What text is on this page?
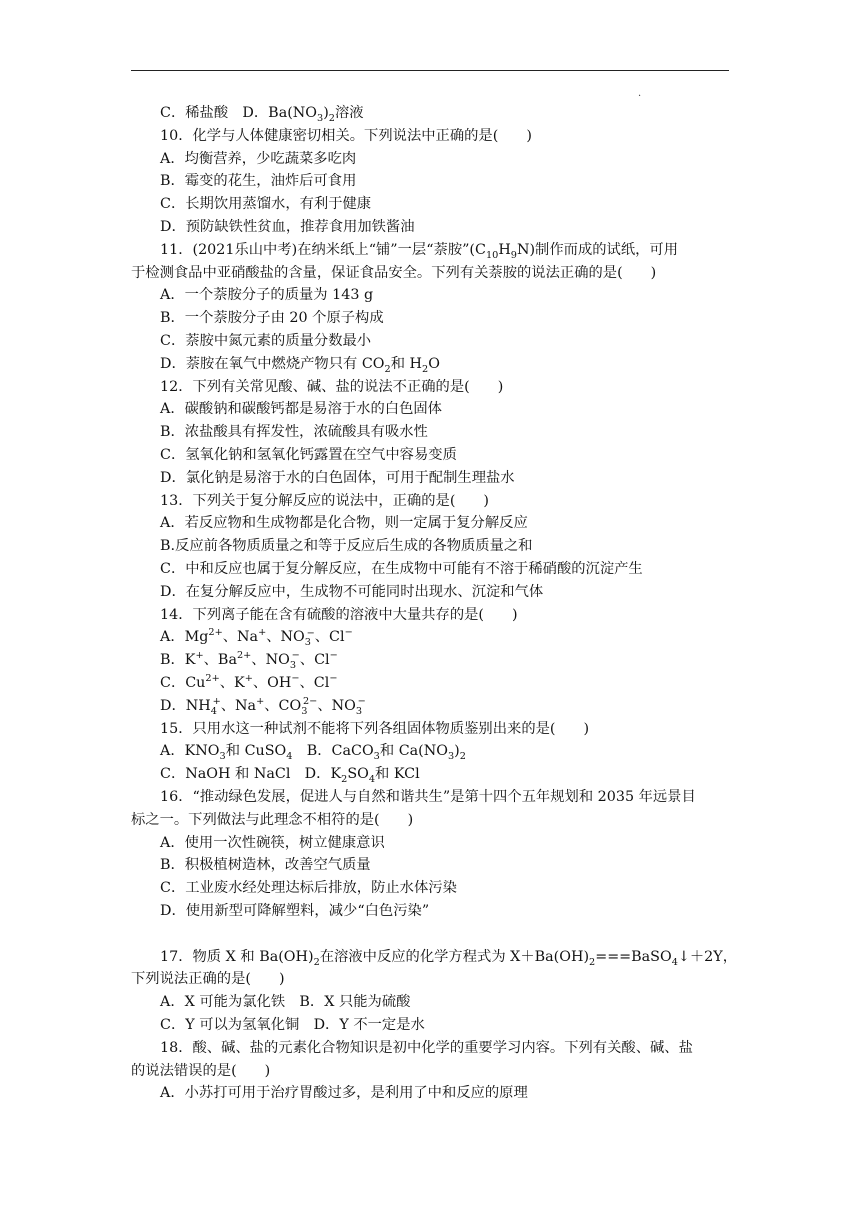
·
C．稀盐酸　D．$Ba(NO_3)_2$溶液
10．化学与人体健康密切相关。下列说法中正确的是( )
A．均衡营养，少吃蔬菜多吃肉
B．霉变的花生，油炸后可食用
C．长期饮用蒸馏水，有利于健康
D．预防缺铁性贫血，推荐食用加铁酱油
11．(2021乐山中考)在纳米纸上“铺”一层“萘胺$”(C_{10}H_9N)$制作而成的试纸，可用
于检测食品中亚硝酸盐的含量，保证食品安全。下列有关萘胺的说法正确的是( )
A．一个萘胺分子的质量为 143 g
B．一个萘胺分子由 20 个原子构成
C．萘胺中氮元素的质量分数最小
D．萘胺在氧气中燃烧产物只有 $CO_2$和 $H_2O$
12．下列有关常见酸、碱、盐的说法不正确的是( )
A．碳酸钠和碳酸钙都是易溶于水的白色固体
B．浓盐酸具有挥发性，浓硫酸具有吸水性
C．氢氧化钠和氢氧化钙露置在空气中容易变质
D．氯化钠是易溶于水的白色固体，可用于配制生理盐水
13．下列关于复分解反应的说法中，正确的是( )
A．若反应物和生成物都是化合物，则一定属于复分解反应
B.反应前各物质质量之和等于反应后生成的各物质质量之和
C．中和反应也属于复分解反应，在生成物中可能有不溶于稀硝酸的沉淀产生
D．在复分解反应中，生成物不可能同时出现水、沉淀和气体
14．下列离子能在含有硫酸的溶液中大量共存的是( )
A．$Mg^{2+}$、Na+、$NO_3^-$、Cl−
B．K+、$Ba^{2+}$、$NO_3^-$、Cl−
C．$Cu^{2+}$、K+、OH−、Cl−
D．$NH_4^+$、Na+、$CO_3^{2-}$、$NO_3^-$
15．只用水这一种试剂不能将下列各组固体物质鉴别出来的是( )
A．$KNO_3$和 CuSO$_4$　B．CaCO$_3$和 $Ca(NO_3)_2$
C．NaOH 和 NaCl　D．$K_2SO_4$和 KCl
16．“推动绿色发展，促进人与自然和谐共生”是第十四个五年规划和 2035 年远景目
标之一。下列做法与此理念不相符的是( )
A．使用一次性碗筷，树立健康意识
B．积极植树造林，改善空气质量
C．工业废水经处理达标后排放，防止水体污染
D．使用新型可降解塑料，减少“白色污染”
17．物质 X 和 $Ba(OH)_2$在溶液中反应的化学方程式为 $X+Ba(OH)_2===BaSO_4↓+2Y$，
下列说法正确的是( )
A．X 可能为氯化铁　B．X 只能为硫酸
C．Y 可以为氢氧化铜　D．Y 不一定是水
18．酸、碱、盐的元素化合物知识是初中化学的重要学习内容。下列有关酸、碱、盐
的说法错误的是( )
A．小苏打可用于治疗胃酸过多，是利用了中和反应的原理
